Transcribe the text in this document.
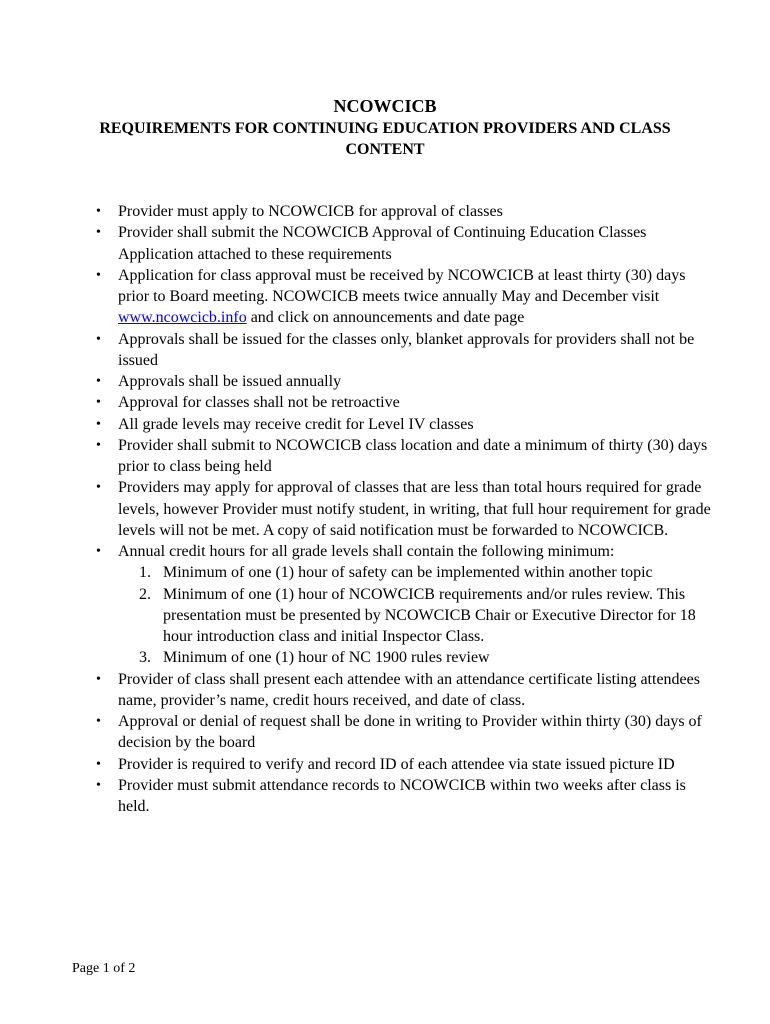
NCOWCICB
REQUIREMENTS FOR CONTINUING EDUCATION PROVIDERS AND CLASS CONTENT
• Provider must apply to NCOWCICB for approval of classes
• Provider shall submit the NCOWCICB Approval of Continuing Education Classes Application attached to these requirements
• Application for class approval must be received by NCOWCICB at least thirty (30) days prior to Board meeting. NCOWCICB meets twice annually May and December visit www.ncowcicb.info and click on announcements and date page
• Approvals shall be issued for the classes only, blanket approvals for providers shall not be issued
• Approvals shall be issued annually
• Approval for classes shall not be retroactive
• All grade levels may receive credit for Level IV classes
• Provider shall submit to NCOWCICB class location and date a minimum of thirty (30) days prior to class being held
• Providers may apply for approval of classes that are less than total hours required for grade levels, however Provider must notify student, in writing, that full hour requirement for grade levels will not be met. A copy of said notification must be forwarded to NCOWCICB.
• Annual credit hours for all grade levels shall contain the following minimum:
1. Minimum of one (1) hour of safety can be implemented within another topic
2. Minimum of one (1) hour of NCOWCICB requirements and/or rules review. This presentation must be presented by NCOWCICB Chair or Executive Director for 18 hour introduction class and initial Inspector Class.
3. Minimum of one (1) hour of NC 1900 rules review
• Provider of class shall present each attendee with an attendance certificate listing attendees name, provider’s name, credit hours received, and date of class.
• Approval or denial of request shall be done in writing to Provider within thirty (30) days of decision by the board
• Provider is required to verify and record ID of each attendee via state issued picture ID
• Provider must submit attendance records to NCOWCICB within two weeks after class is held.
Page 1 of 2
